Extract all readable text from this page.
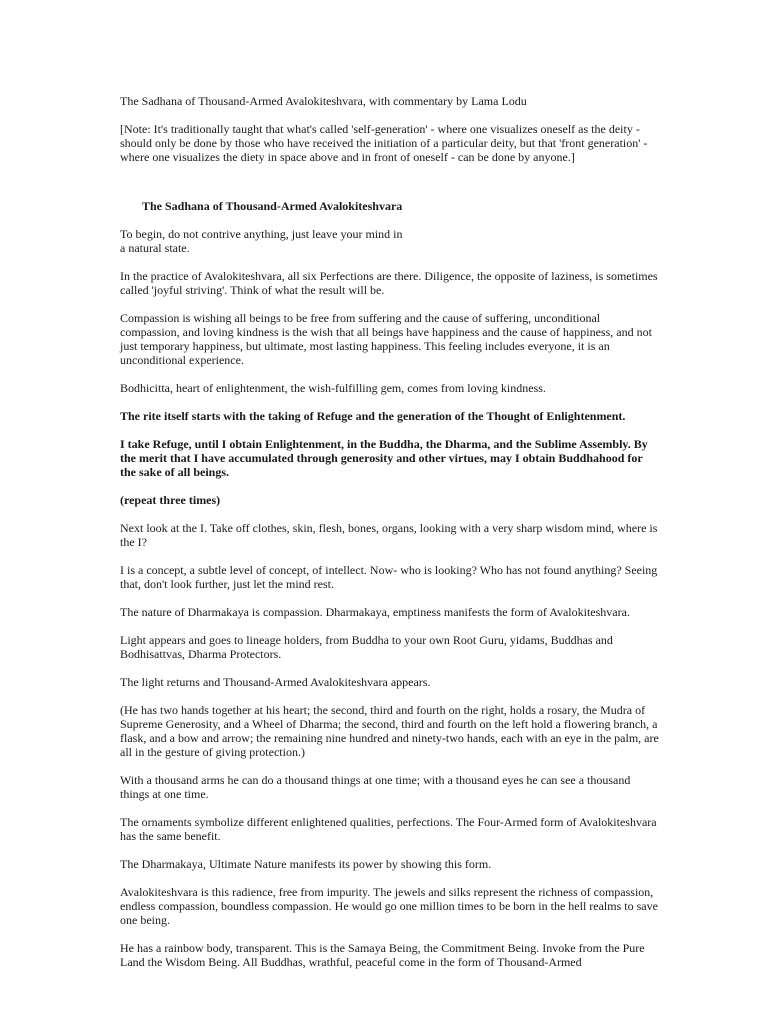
The Sadhana of Thousand-Armed Avalokiteshvara, with commentary by Lama Lodu

[Note: It's traditionally taught that what's called 'self-generation' - where one visualizes oneself as the deity - should only be done by those who have received the initiation of a particular deity, but that 'front generation' - where one visualizes the diety in space above and in front of oneself - can be done by anyone.]

The Sadhana of Thousand-Armed Avalokiteshvara

To begin, do not contrive anything, just leave your mind in
a natural state.

In the practice of Avalokiteshvara, all six Perfections are there. Diligence, the opposite of laziness, is sometimes called 'joyful striving'. Think of what the result will be.

Compassion is wishing all beings to be free from suffering and the cause of suffering, unconditional compassion, and loving kindness is the wish that all beings have happiness and the cause of happiness, and not just temporary happiness, but ultimate, most lasting happiness. This feeling includes everyone, it is an unconditional experience.

Bodhicitta, heart of enlightenment, the wish-fulfilling gem, comes from loving kindness.

The rite itself starts with the taking of Refuge and the generation of the Thought of Enlightenment.

I take Refuge, until I obtain Enlightenment, in the Buddha, the Dharma, and the Sublime Assembly. By the merit that I have accumulated through generosity and other virtues, may I obtain Buddhahood for the sake of all beings.

(repeat three times)

Next look at the I. Take off clothes, skin, flesh, bones, organs, looking with a very sharp wisdom mind, where is
the I?

I is a concept, a subtle level of concept, of intellect. Now- who is looking? Who has not found anything? Seeing that, don't look further, just let the mind rest.

The nature of Dharmakaya is compassion. Dharmakaya, emptiness manifests the form of Avalokiteshvara.

Light appears and goes to lineage holders, from Buddha to your own Root Guru, yidams, Buddhas and Bodhisattvas, Dharma Protectors.

The light returns and Thousand-Armed Avalokiteshvara appears.

(He has two hands together at his heart; the second, third and fourth on the right, holds a rosary, the Mudra of Supreme Generosity, and a Wheel of Dharma; the second, third and fourth on the left hold a flowering branch, a flask, and a bow and arrow; the remaining nine hundred and ninety-two hands, each with an eye in the palm, are all in the gesture of giving protection.)

With a thousand arms he can do a thousand things at one time; with a thousand eyes he can see a thousand things at one time.

The ornaments symbolize different enlightened qualities, perfections. The Four-Armed form of Avalokiteshvara has the same benefit.

The Dharmakaya, Ultimate Nature manifests its power by showing this form.

Avalokiteshvara is this radience, free from impurity. The jewels and silks represent the richness of compassion, endless compassion, boundless compassion. He would go one million times to be born in the hell realms to save one being.

He has a rainbow body, transparent. This is the Samaya Being, the Commitment Being. Invoke from the Pure Land the Wisdom Being. All Buddhas, wrathful, peaceful come in the form of Thousand-Armed
